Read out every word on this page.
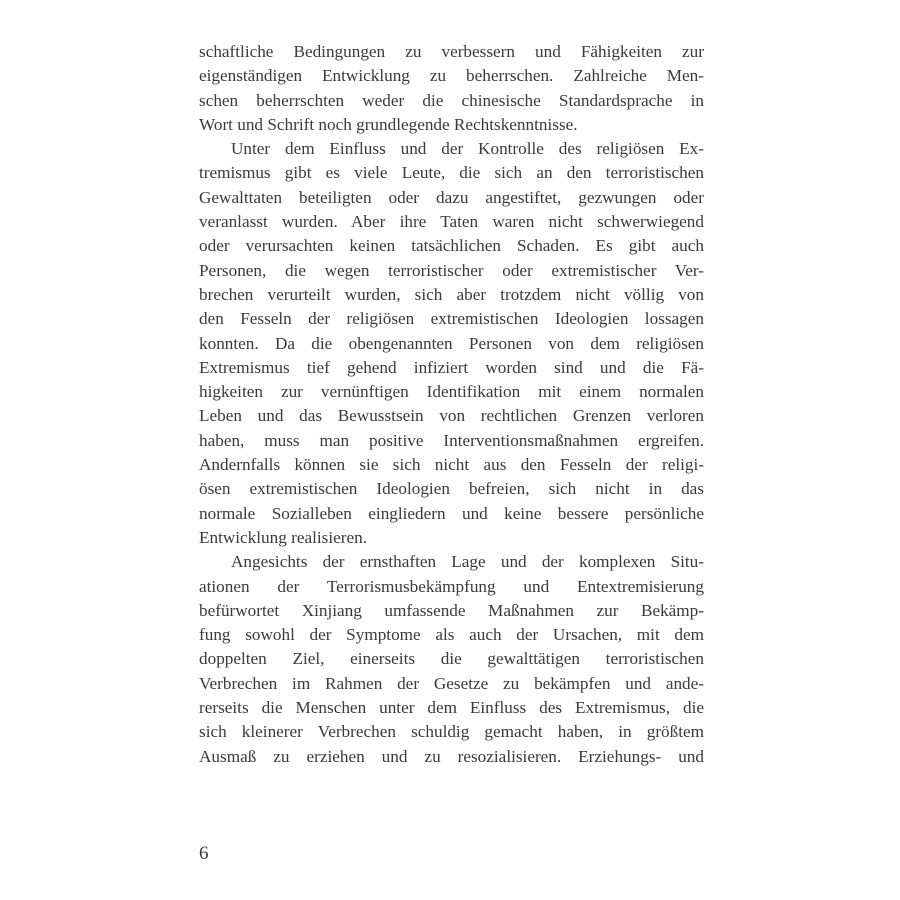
schaftliche Bedingungen zu verbessern und Fähigkeiten zur
eigenständigen Entwicklung zu beherrschen. Zahlreiche Men-
schen beherrschten weder die chinesische Standardsprache in
Wort und Schrift noch grundlegende Rechtskenntnisse.
Unter dem Einfluss und der Kontrolle des religiösen Ex-
tremismus gibt es viele Leute, die sich an den terroristischen
Gewalttaten beteiligten oder dazu angestiftet, gezwungen oder
veranlasst wurden. Aber ihre Taten waren nicht schwerwiegend
oder verursachten keinen tatsächlichen Schaden. Es gibt auch
Personen, die wegen terroristischer oder extremistischer Ver-
brechen verurteilt wurden, sich aber trotzdem nicht völlig von
den Fesseln der religiösen extremistischen Ideologien lossagen
konnten. Da die obengenannten Personen von dem religiösen
Extremismus tief gehend infiziert worden sind und die Fä-
higkeiten zur vernünftigen Identifikation mit einem normalen
Leben und das Bewusstsein von rechtlichen Grenzen verloren
haben, muss man positive Interventionsmaßnahmen ergreifen.
Andernfalls können sie sich nicht aus den Fesseln der religi-
ösen extremistischen Ideologien befreien, sich nicht in das
normale Sozialleben eingliedern und keine bessere persönliche
Entwicklung realisieren.
Angesichts der ernsthaften Lage und der komplexen Situ-
ationen der Terrorismusbekämpfung und Entextremisierung
befürwortet Xinjiang umfassende Maßnahmen zur Bekämp-
fung sowohl der Symptome als auch der Ursachen, mit dem
doppelten Ziel, einerseits die gewalttätigen terroristischen
Verbrechen im Rahmen der Gesetze zu bekämpfen und ande-
rerseits die Menschen unter dem Einfluss des Extremismus, die
sich kleinerer Verbrechen schuldig gemacht haben, in größtem
Ausmaß zu erziehen und zu resozialisieren. Erziehungs- und
6
